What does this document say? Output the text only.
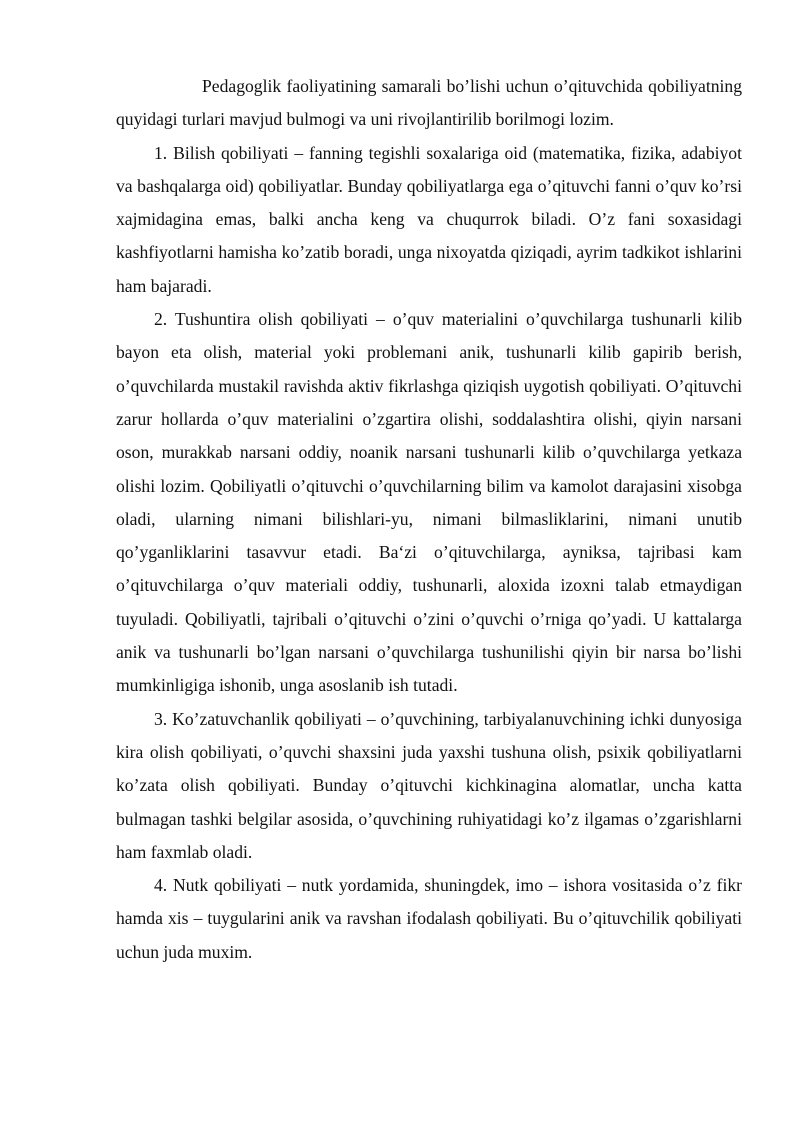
Pedagoglik faoliyatining samarali bo’lishi uchun o’qituvchida qobiliyatning quyidagi turlari mavjud bulmogi va uni rivojlantirilib borilmogi lozim.

1. Bilish qobiliyati – fanning tegishli soxalariga oid (matematika, fizika, adabiyot va bashqalarga oid) qobiliyatlar. Bunday qobiliyatlarga ega o’qituvchi fanni o’quv ko’rsi xajmidagina emas, balki ancha keng va chuqurrok biladi. O’z fani soxasidagi kashfiyotlarni hamisha ko’zatib boradi, unga nixoyatda qiziqadi, ayrim tadkikot ishlarini ham bajaradi.

2. Tushuntira olish qobiliyati – o’quv materialini o’quvchilarga tushunarli kilib bayon eta olish, material yoki problemani anik, tushunarli kilib gapirib berish, o’quvchilarda mustakil ravishda aktiv fikrlashga qiziqish uygotish qobiliyati. O’qituvchi zarur hollarda o’quv materialini o’zgartira olishi, soddalashtira olishi, qiyin narsani oson, murakkab narsani oddiy, noanik narsani tushunarli kilib o’quvchilarga yetkaza olishi lozim. Qobiliyatli o’qituvchi o’quvchilarning bilim va kamolot darajasini xisobga oladi, ularning nimani bilishlari-yu, nimani bilmasliklarini, nimani unutib qo’yganliklarini tasavvur etadi. Ba‘zi o’qituvchilarga, ayniksa, tajribasi kam o’qituvchilarga o’quv materiali oddiy, tushunarli, aloxida izoxni talab etmaydigan tuyuladi. Qobiliyatli, tajribali o’qituvchi o’zini o’quvchi o’rniga qo’yadi. U kattalarga anik va tushunarli bo’lgan narsani o’quvchilarga tushunilishi qiyin bir narsa bo’lishi mumkinligiga ishonib, unga asoslanib ish tutadi.

3. Ko’zatuvchanlik qobiliyati – o’quvchining, tarbiyalanuvchining ichki dunyosiga kira olish qobiliyati, o’quvchi shaxsini juda yaxshi tushuna olish, psixik qobiliyatlarni ko’zata olish qobiliyati. Bunday o’qituvchi kichkinagina alomatlar, uncha katta bulmagan tashki belgilar asosida, o’quvchining ruhiyatidagi ko’z ilgamas o’zgarishlarni ham faxmlab oladi.

4. Nutk qobiliyati – nutk yordamida, shuningdek, imo – ishora vositasida o’z fikr hamda xis – tuygularini anik va ravshan ifodalash qobiliyati. Bu o’qituvchilik qobiliyati uchun juda muxim.
